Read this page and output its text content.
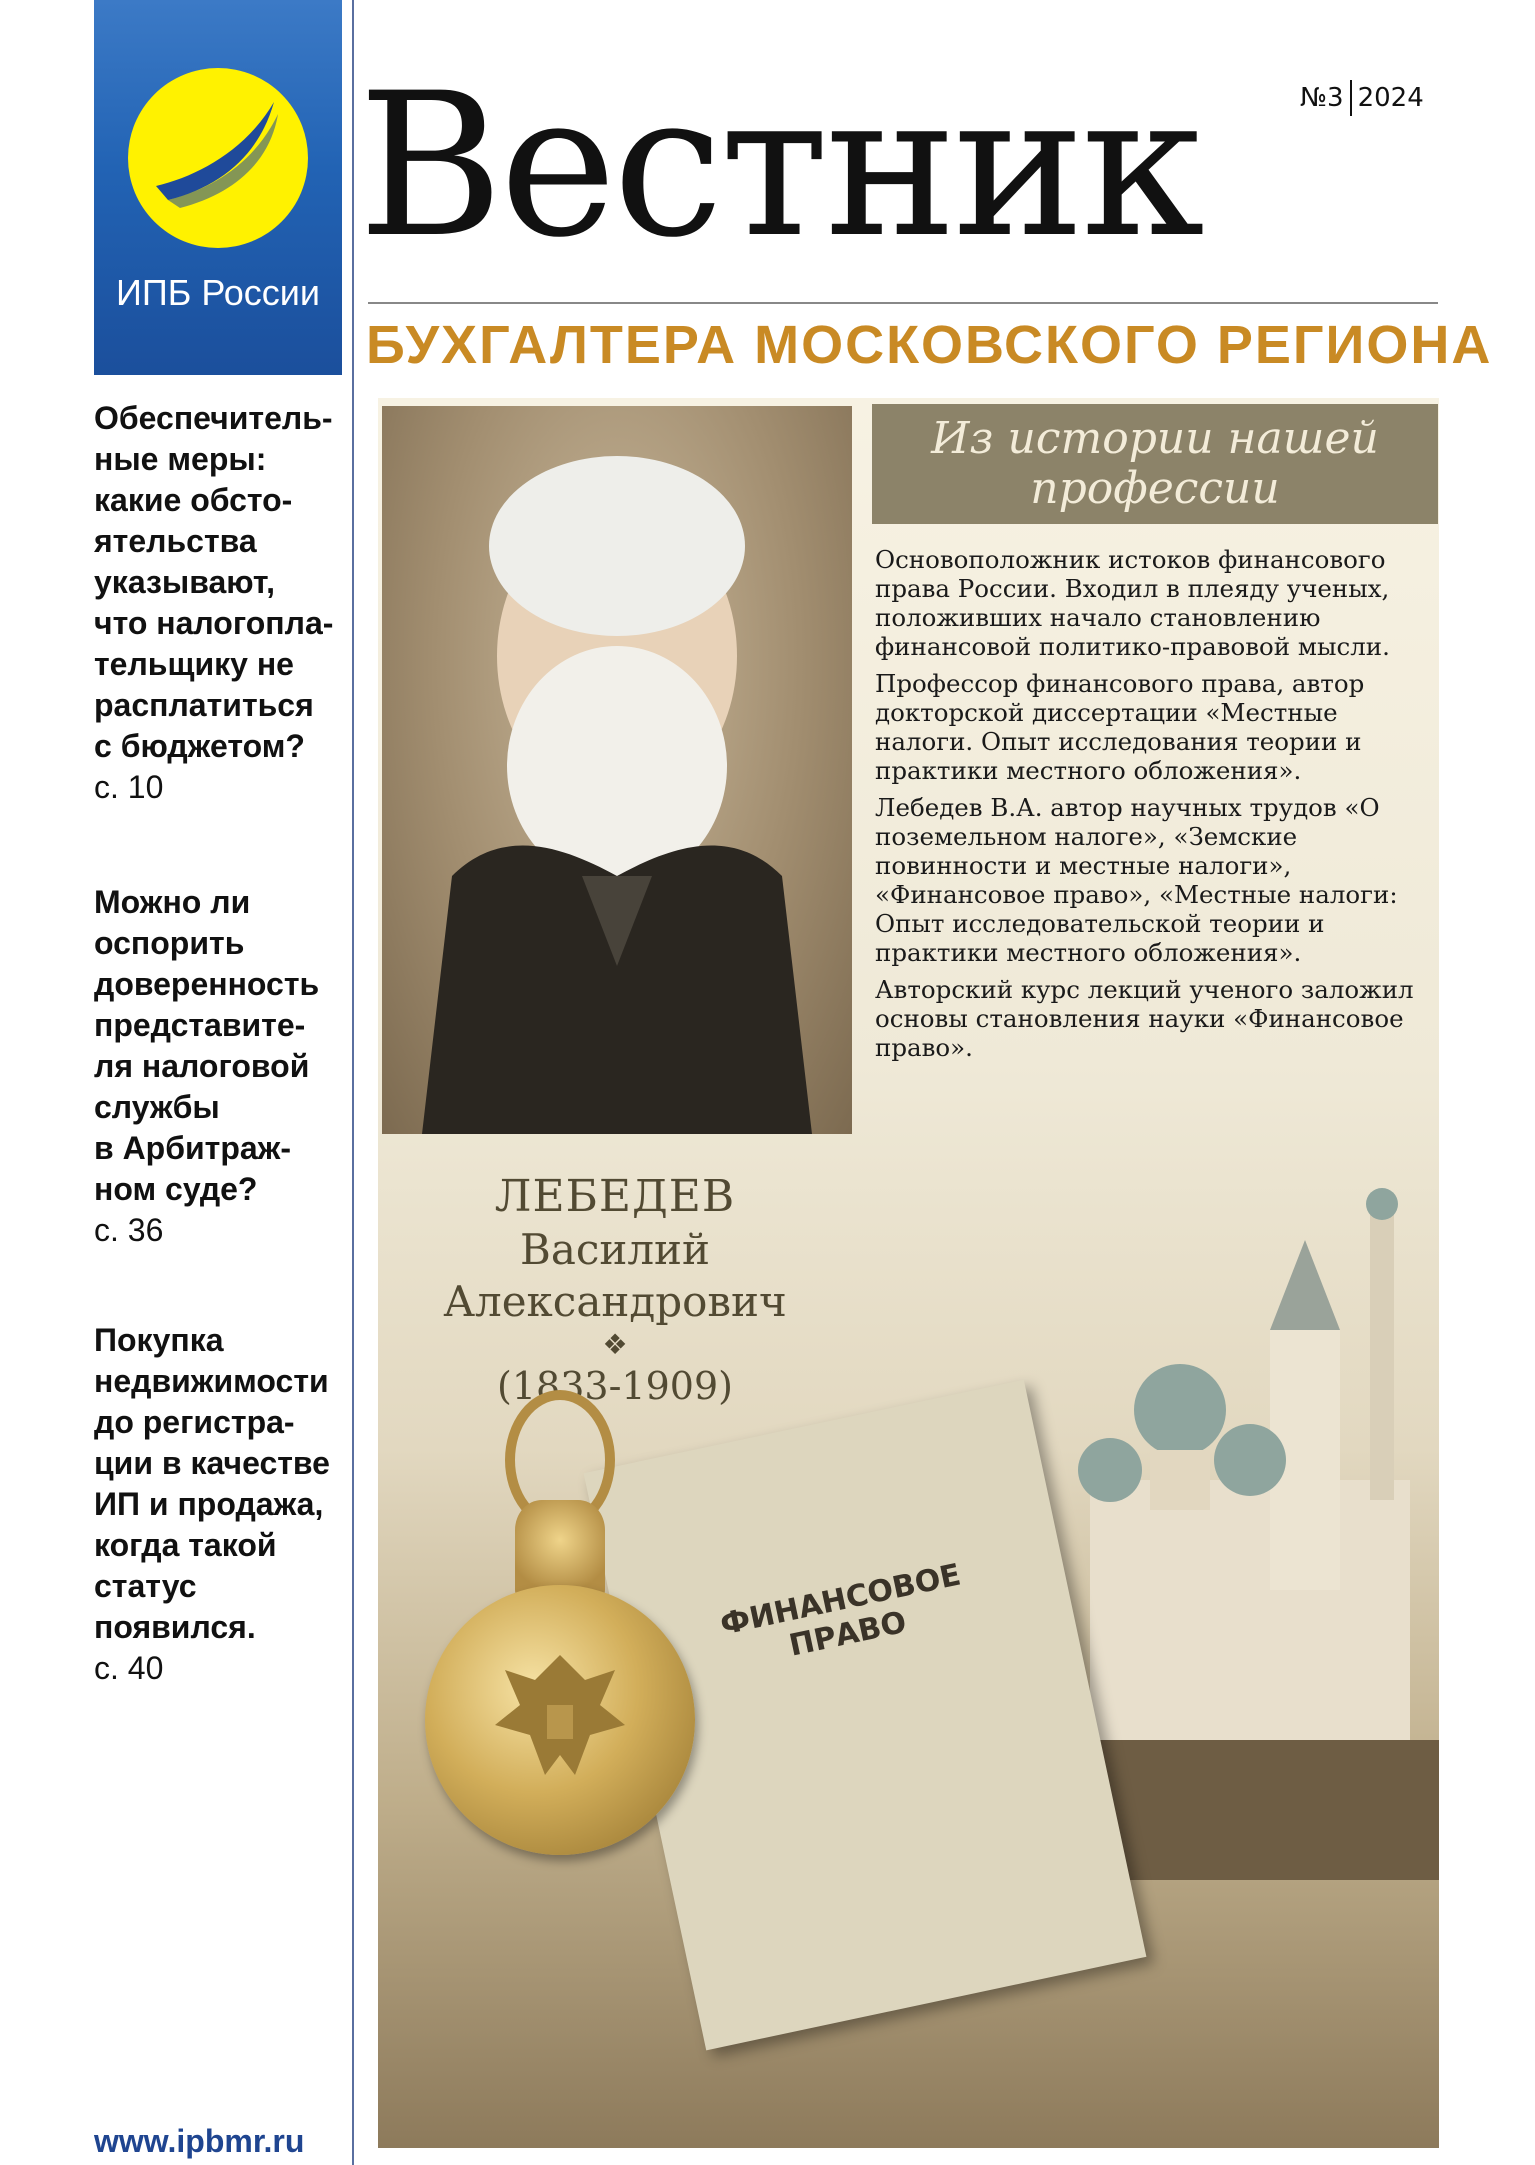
ИПБ России
Обеспечитель-
ные меры:
какие обсто-
ятельства
указывают,
что налогопла-
тельщику не
расплатиться
с бюджетом?
с. 10
Можно ли
оспорить
доверенность
представите-
ля налоговой
службы
в Арбитраж-
ном суде?
с. 36
Покупка
недвижимости
до регистра-
ции в качестве
ИП и продажа,
когда такой
статус
появился.
с. 40
www.ipbmr.ru
№3 2024
Вестник
БУХГАЛТЕРА МОСКОВСКОГО РЕГИОНА
Из истории нашей
профессии

Основоположник истоков финансового права России. Входил в плеяду ученых, положивших начало становлению финансовой политико-правовой мысли.

Профессор финансового права, автор докторской диссертации «Местные налоги. Опыт исследования теории и практики местного обложения».

Лебедев В.А. автор научных трудов «О поземельном налоге», «Земские повинности и местные налоги», «Финансовое право», «Местные налоги: Опыт исследовательской теории и практики местного обложения».

Авторский курс лекций ученого заложил основы становления науки «Финансовое право».

ЛЕБЕДЕВ
Василий Александрович
❖
(1833-1909)
ФИНАНСОВОЕ ПРАВО
